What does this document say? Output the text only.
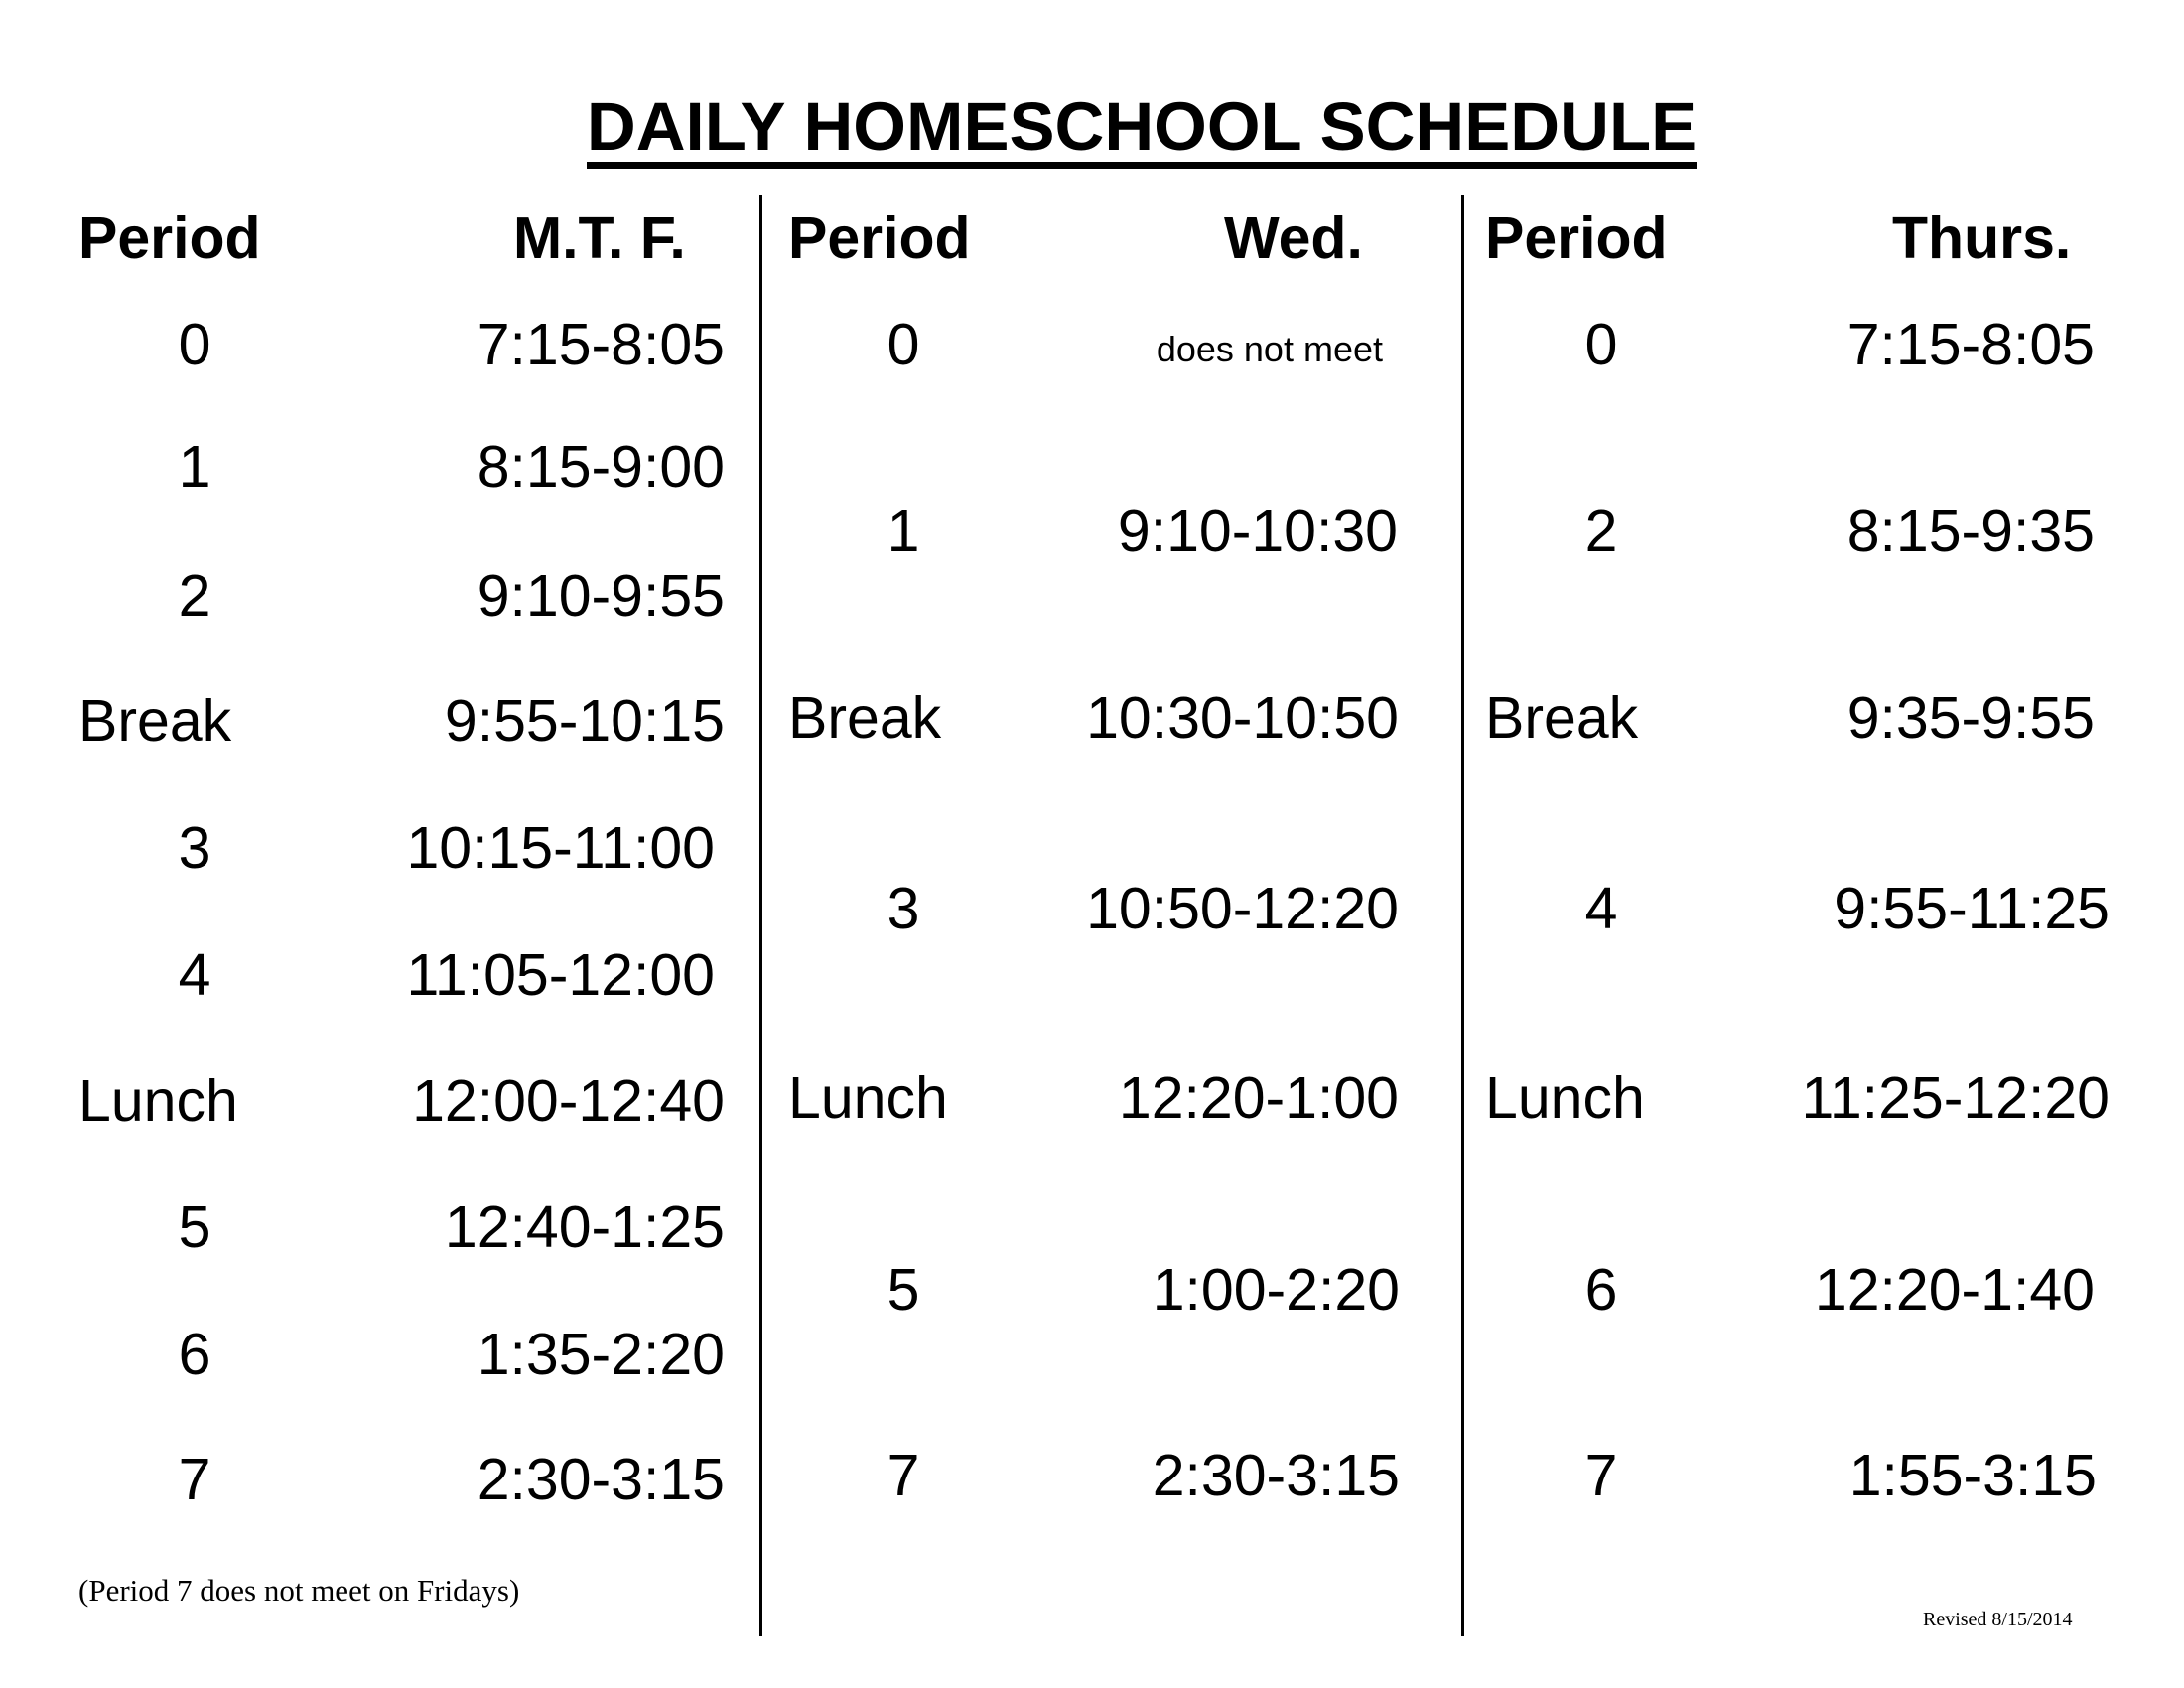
DAILY HOMESCHOOL SCHEDULE
Period	M.T. F.
0	7:15-8:05
1	8:15-9:00
2	9:10-9:55
Break	9:55-10:15
3	10:15-11:00
4	11:05-12:00
Lunch	12:00-12:40
5	12:40-1:25
6	1:35-2:20
7	2:30-3:15
(Period 7 does not meet on Fridays)
Period	Wed.
0	does not meet
1	9:10-10:30
Break	10:30-10:50
3	10:50-12:20
Lunch	12:20-1:00
5	1:00-2:20
7	2:30-3:15
Period	Thurs.
0	7:15-8:05
2	8:15-9:35
Break	9:35-9:55
4	9:55-11:25
Lunch	11:25-12:20
6	12:20-1:40
7	1:55-3:15
Revised 8/15/2014
